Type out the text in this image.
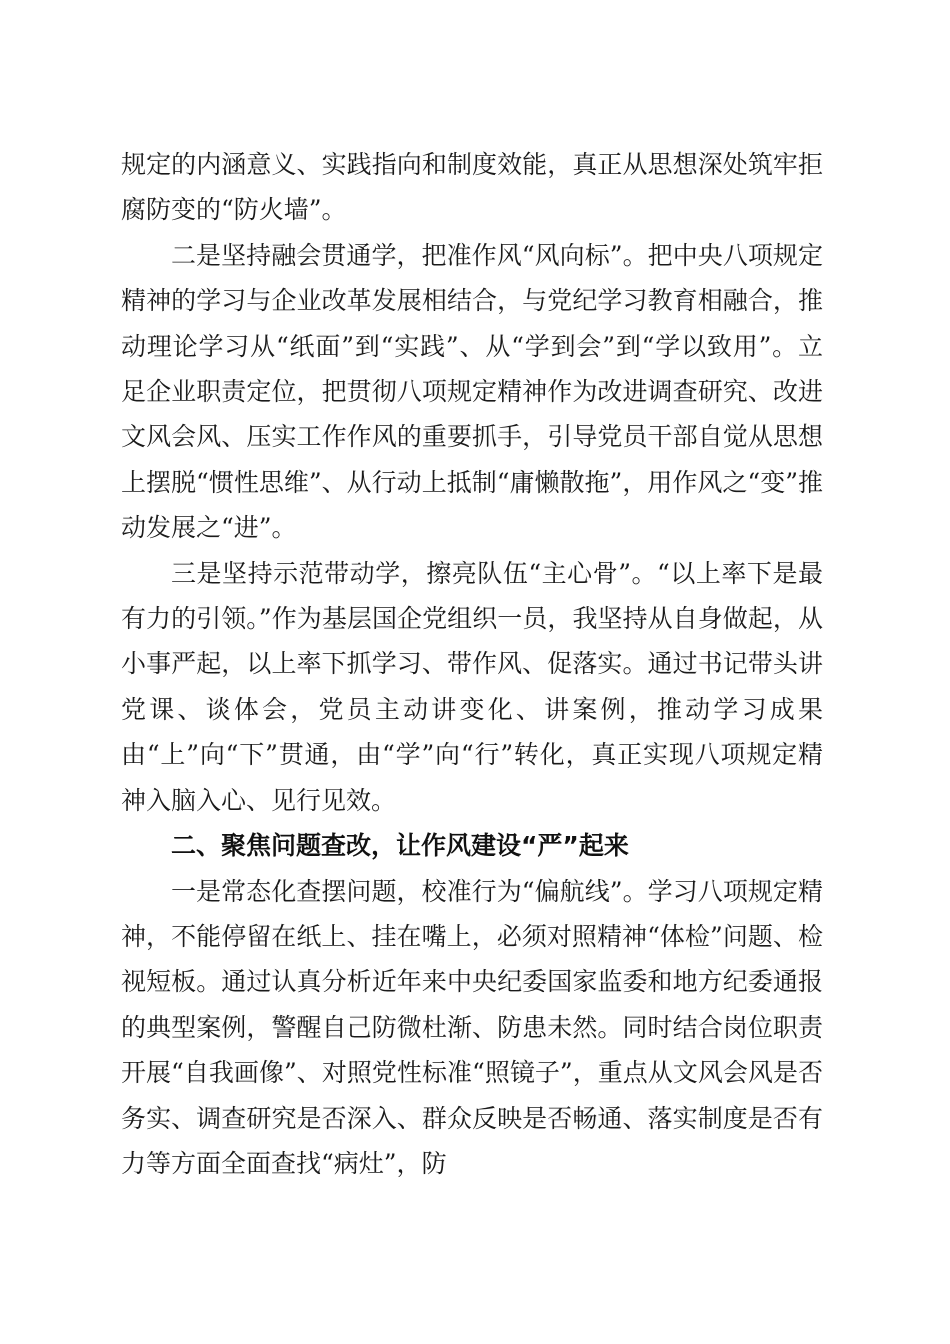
规定的内涵意义、实践指向和制度效能，真正从思想深处筑牢拒腐防变的“防火墙”。

二是坚持融会贯通学，把准作风“风向标”。把中央八项规定精神的学习与企业改革发展相结合，与党纪学习教育相融合，推动理论学习从“纸面”到“实践”、从“学到会”到“学以致用”。立足企业职责定位，把贯彻八项规定精神作为改进调查研究、改进文风会风、压实工作作风的重要抓手，引导党员干部自觉从思想上摆脱“惯性思维”、从行动上抵制“庸懒散拖”，用作风之“变”推动发展之“进”。

三是坚持示范带动学，擦亮队伍“主心骨”。“以上率下是最有力的引领。”作为基层国企党组织一员，我坚持从自身做起，从小事严起，以上率下抓学习、带作风、促落实。通过书记带头讲党课、谈体会，党员主动讲变化、讲案例，推动学习成果由“上”向“下”贯通，由“学”向“行”转化，真正实现八项规定精神入脑入心、见行见效。

二、聚焦问题查改，让作风建设“严”起来

一是常态化查摆问题，校准行为“偏航线”。学习八项规定精神，不能停留在纸上、挂在嘴上，必须对照精神“体检”问题、检视短板。通过认真分析近年来中央纪委国家监委和地方纪委通报的典型案例，警醒自己防微杜渐、防患未然。同时结合岗位职责开展“自我画像”、对照党性标准“照镜子”，重点从文风会风是否务实、调查研究是否深入、群众反映是否畅通、落实制度是否有力等方面全面查找“病灶”，防
